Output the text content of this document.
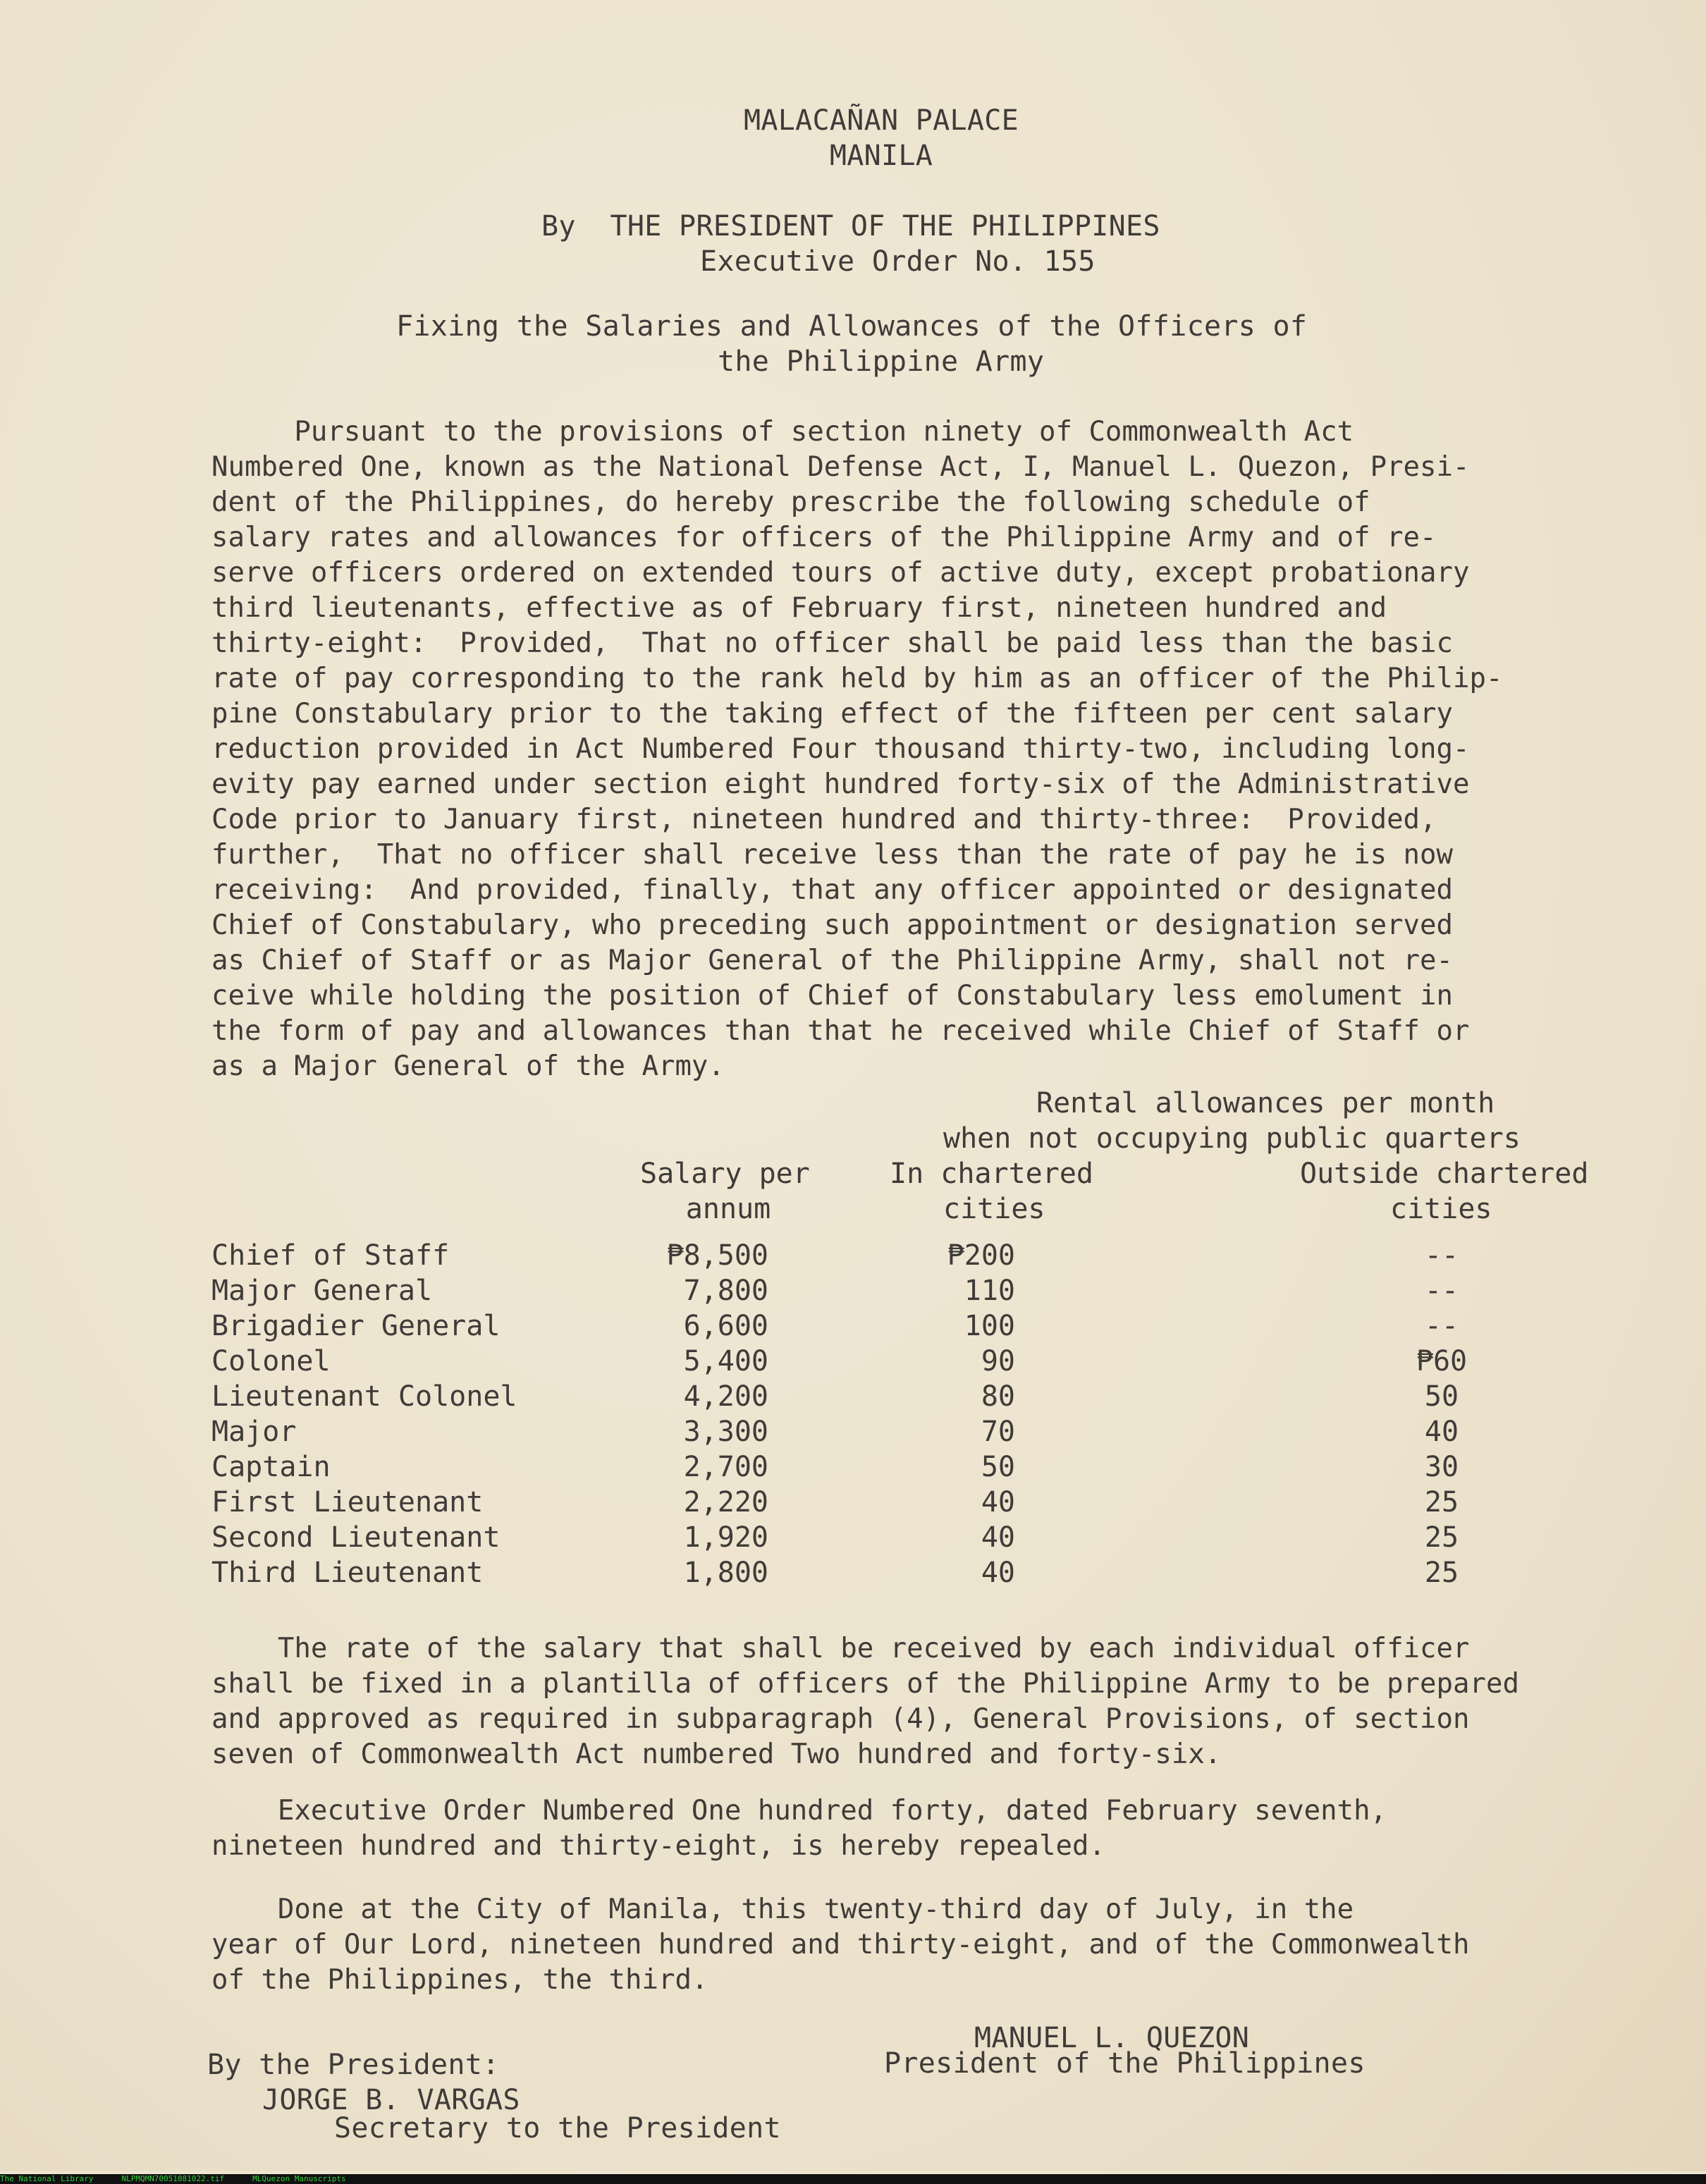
MALACAÑAN PALACE
MANILA
By  THE PRESIDENT OF THE PHILIPPINES
Executive Order No. 155
Fixing the Salaries and Allowances of the Officers of
the Philippine Army
Pursuant to the provisions of section ninety of Commonwealth Act
Numbered One, known as the National Defense Act, I, Manuel L. Quezon, Presi-
dent of the Philippines, do hereby prescribe the following schedule of
salary rates and allowances for officers of the Philippine Army and of re-
serve officers ordered on extended tours of active duty, except probationary
third lieutenants, effective as of February first, nineteen hundred and
thirty-eight:  Provided,  That no officer shall be paid less than the basic
rate of pay corresponding to the rank held by him as an officer of the Philip-
pine Constabulary prior to the taking effect of the fifteen per cent salary
reduction provided in Act Numbered Four thousand thirty-two, including long-
evity pay earned under section eight hundred forty-six of the Administrative
Code prior to January first, nineteen hundred and thirty-three:  Provided,
further,  That no officer shall receive less than the rate of pay he is now
receiving:  And provided, finally, that any officer appointed or designated
Chief of Constabulary, who preceding such appointment or designation served
as Chief of Staff or as Major General of the Philippine Army, shall not re-
ceive while holding the position of Chief of Constabulary less emolument in
the form of pay and allowances than that he received while Chief of Staff or
as a Major General of the Army.
Rental allowances per month
when not occupying public quarters
Salary per
annum
In chartered
cities
Outside chartered
cities
Chief of Staff	₱8,500	₱200	--
Major General	7,800	110	--
Brigadier General	6,600	100	--
Colonel	5,400	90	₱60
Lieutenant Colonel	4,200	80	50
Major	3,300	70	40
Captain	2,700	50	30
First Lieutenant	2,220	40	25
Second Lieutenant	1,920	40	25
Third Lieutenant	1,800	40	25
The rate of the salary that shall be received by each individual officer
shall be fixed in a plantilla of officers of the Philippine Army to be prepared
and approved as required in subparagraph (4), General Provisions, of section
seven of Commonwealth Act numbered Two hundred and forty-six.
Executive Order Numbered One hundred forty, dated February seventh,
nineteen hundred and thirty-eight, is hereby repealed.
Done at the City of Manila, this twenty-third day of July, in the
year of Our Lord, nineteen hundred and thirty-eight, and of the Commonwealth
of the Philippines, the third.
MANUEL L. QUEZON
President of the Philippines
By the President:
JORGE B. VARGAS
Secretary to the President
The National Library	NLPMQMN70051081022.tif	MLQuezon Manuscripts
